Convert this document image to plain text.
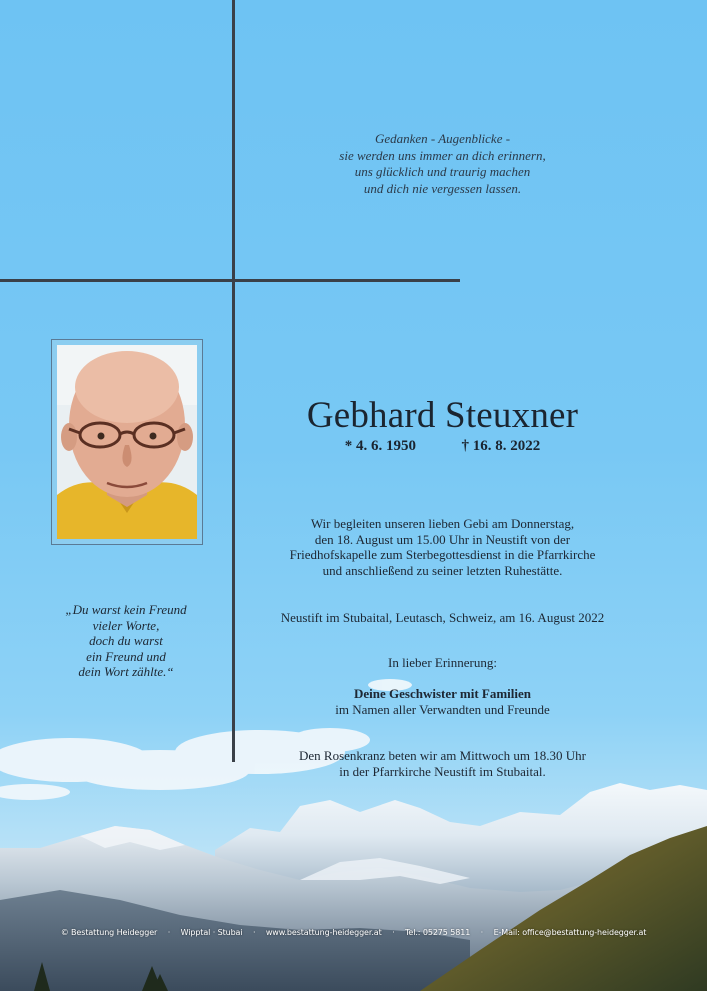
Gedanken - Augenblicke -
sie werden uns immer an dich erinnern,
uns glücklich und traurig machen
und dich nie vergessen lassen.
„Du warst kein Freund
vieler Worte,
doch du warst
ein Freund und
dein Wort zählte.“
Gebhard Steuxner
* 4. 6. 1950	† 16. 8. 2022
Wir begleiten unseren lieben Gebi am Donnerstag,
den 18. August um 15.00 Uhr in Neustift von der
Friedhofskapelle zum Sterbegottesdienst in die Pfarrkirche
und anschließend zu seiner letzten Ruhestätte.
Neustift im Stubaital, Leutasch, Schweiz, am 16. August 2022
In lieber Erinnerung:
Deine Geschwister mit Familien
im Namen aller Verwandten und Freunde
Den Rosenkranz beten wir am Mittwoch um 18.30 Uhr
in der Pfarrkirche Neustift im Stubaital.
© Bestattung Heidegger · Wipptal · Stubai · www.bestattung-heidegger.at · Tel.: 05275 5811 · E-Mail: office@bestattung-heidegger.at
